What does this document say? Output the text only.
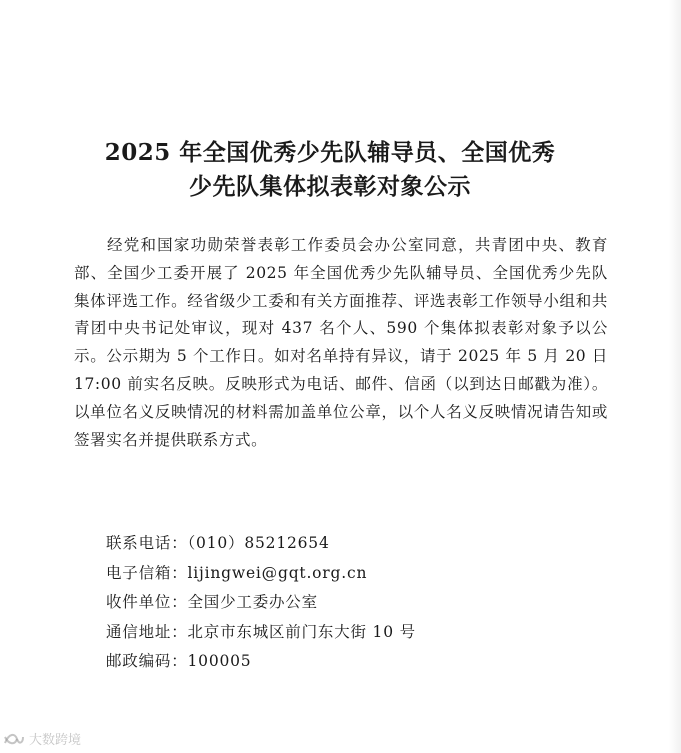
2025 年全国优秀少先队辅导员、全国优秀
少先队集体拟表彰对象公示

经党和国家功勋荣誉表彰工作委员会办公室同意，共青团中央、教育部、全国少工委开展了 2025 年全国优秀少先队辅导员、全国优秀少先队集体评选工作。经省级少工委和有关方面推荐、评选表彰工作领导小组和共青团中央书记处审议，现对 437 名个人、590 个集体拟表彰对象予以公示。公示期为 5 个工作日。如对名单持有异议，请于 2025 年 5 月 20 日 17:00 前实名反映。反映形式为电话、邮件、信函（以到达日邮戳为准）。以单位名义反映情况的材料需加盖单位公章，以个人名义反映情况请告知或签署实名并提供联系方式。

联系电话：（010）85212654
电子信箱：lijingwei@gqt.org.cn
收件单位：全国少工委办公室
通信地址：北京市东城区前门东大街 10 号
邮政编码：100005
大数跨境
